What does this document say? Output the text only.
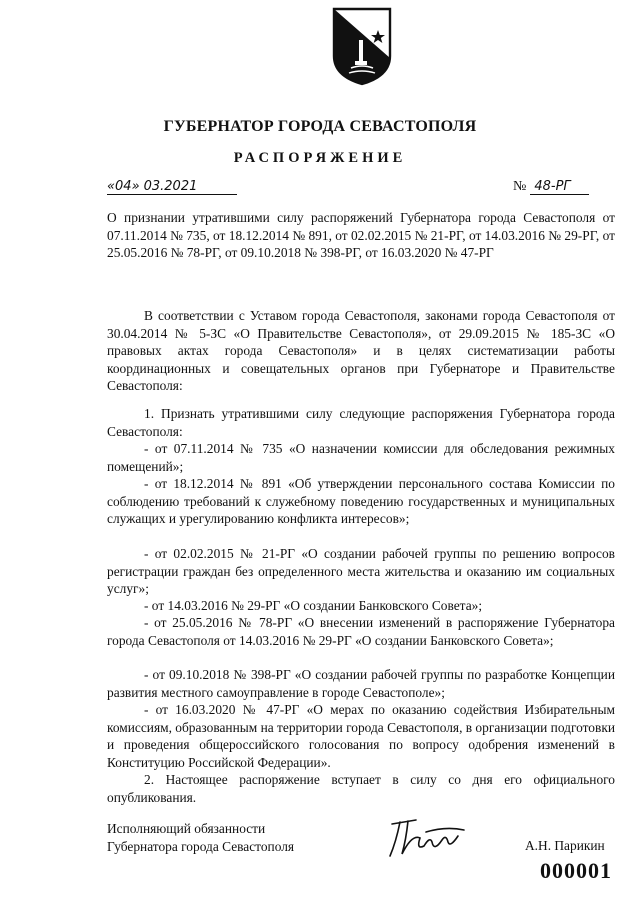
ГУБЕРНАТОР ГОРОДА СЕВАСТОПОЛЯ
РАСПОРЯЖЕНИЕ
«04» 03.2021	№ 48-РГ
О признании утратившими силу распоряжений Губернатора города Севастополя от 07.11.2014 № 735, от 18.12.2014 № 891, от 02.02.2015 № 21-РГ, от 14.03.2016 № 29-РГ, от 25.05.2016 № 78-РГ, от 09.10.2018 № 398-РГ, от 16.03.2020 № 47-РГ
В соответствии с Уставом города Севастополя, законами города Севастополя от 30.04.2014 № 5-ЗС «О Правительстве Севастополя», от 29.09.2015 № 185-ЗС «О правовых актах города Севастополя» и в целях систематизации работы координационных и совещательных органов при Губернаторе и Правительстве Севастополя:
1. Признать утратившими силу следующие распоряжения Губернатора города Севастополя:
- от 07.11.2014 № 735 «О назначении комиссии для обследования режимных помещений»;
- от 18.12.2014 № 891 «Об утверждении персонального состава Комиссии по соблюдению требований к служебному поведению государственных и муниципальных служащих и урегулированию конфликта интересов»;
- от 02.02.2015 № 21-РГ «О создании рабочей группы по решению вопросов регистрации граждан без определенного места жительства и оказанию им социальных услуг»;
- от 14.03.2016 № 29-РГ «О создании Банковского Совета»;
- от 25.05.2016 № 78-РГ «О внесении изменений в распоряжение Губернатора города Севастополя от 14.03.2016 № 29-РГ «О создании Банковского Совета»;
- от 09.10.2018 № 398-РГ «О создании рабочей группы по разработке Концепции развития местного самоуправление в городе Севастополе»;
- от 16.03.2020 № 47-РГ «О мерах по оказанию содействия Избирательным комиссиям, образованным на территории города Севастополя, в организации подготовки и проведения общероссийского голосования по вопросу одобрения изменений в Конституцию Российской Федерации».
2. Настоящее распоряжение вступает в силу со дня его официального опубликования.
Исполняющий обязанности
Губернатора города Севастополя	А.Н. Парикин
000001
